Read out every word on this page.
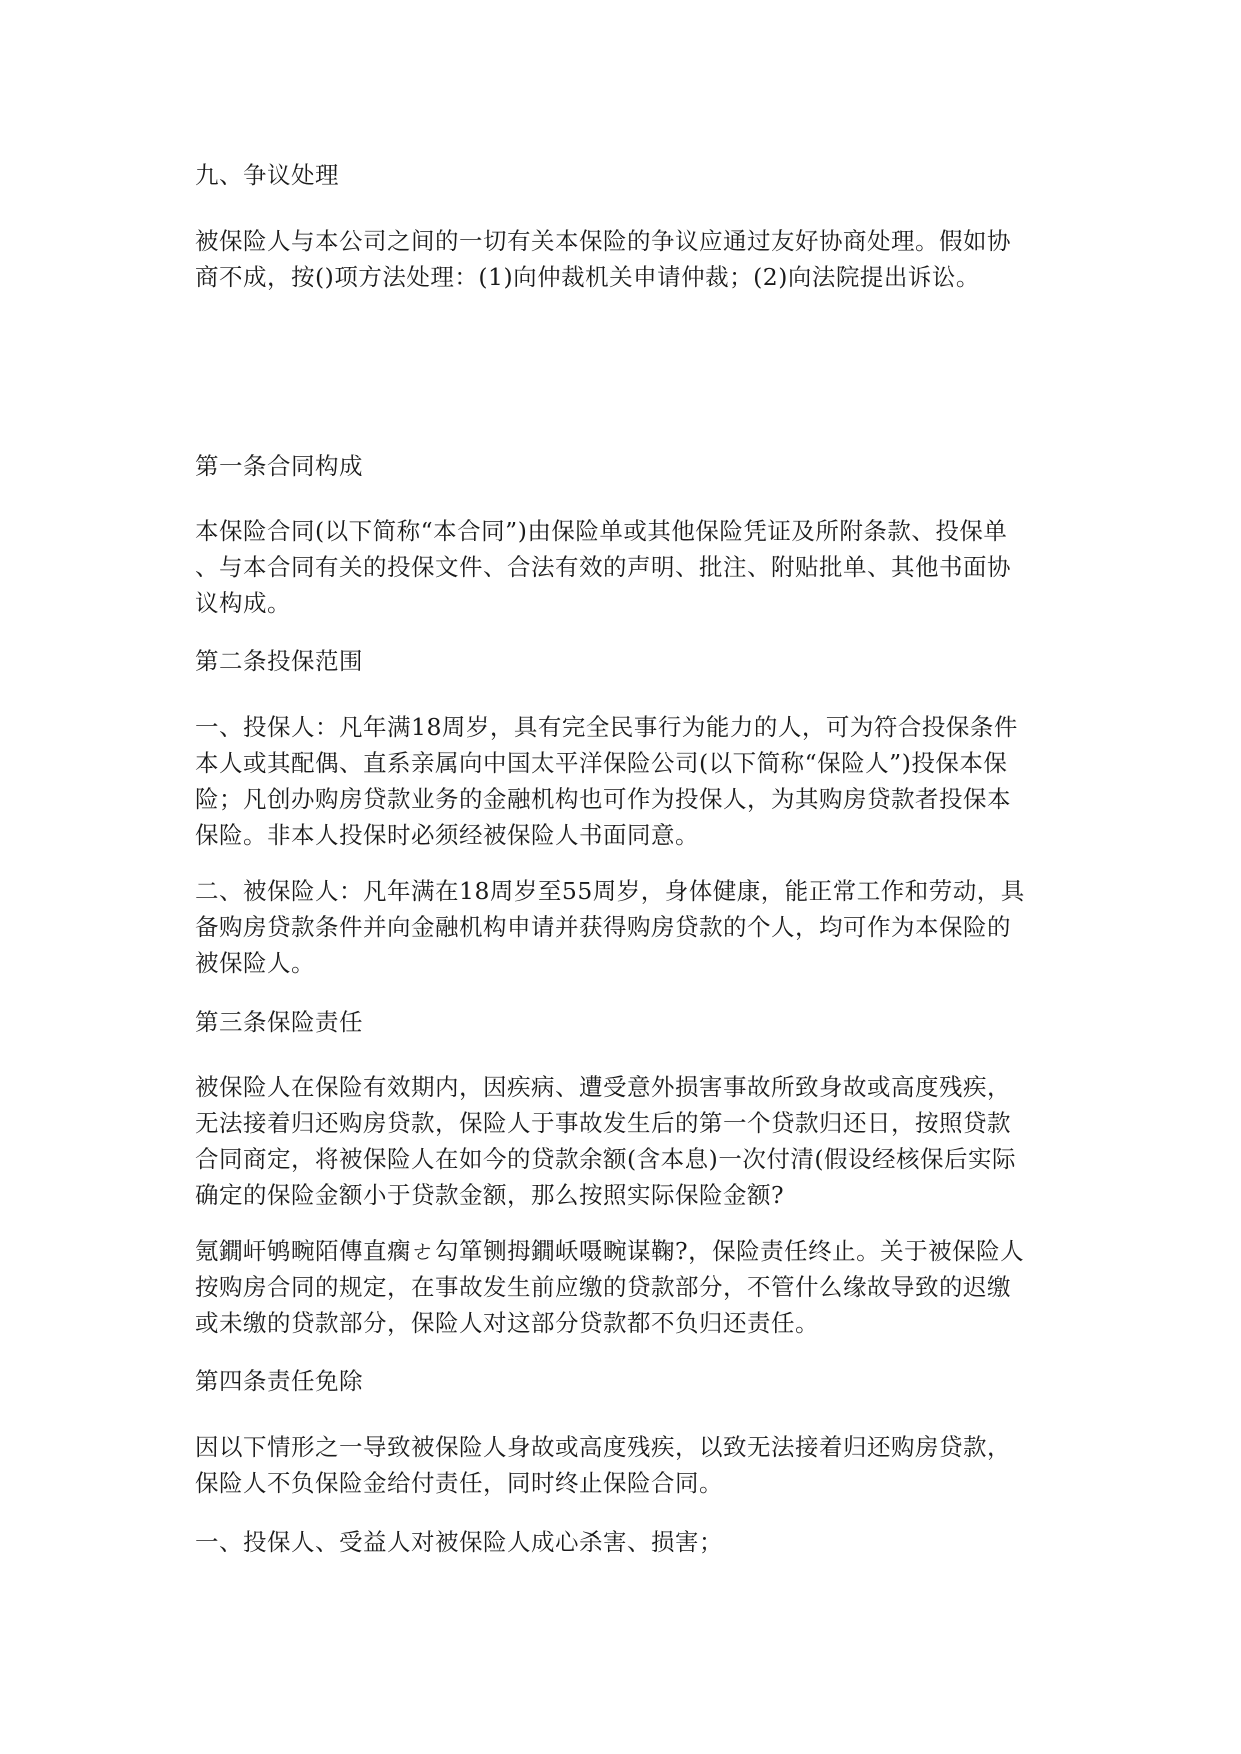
九、争议处理
被保险人与本公司之间的一切有关本保险的争议应通过友好协商处理。假如协
商不成，按()项方法处理：(1)向仲裁机关申请仲裁；(2)向法院提出诉讼。
第一条合同构成
本保险合同(以下简称“本合同”)由保险单或其他保险凭证及所附条款、投保单
、与本合同有关的投保文件、合法有效的声明、批注、附贴批单、其他书面协
议构成。
第二条投保范围
一、投保人：凡年满18周岁，具有完全民事行为能力的人，可为符合投保条件
本人或其配偶、直系亲属向中国太平洋保险公司(以下简称“保险人”)投保本保
险；凡创办购房贷款业务的金融机构也可作为投保人，为其购房贷款者投保本
保险。非本人投保时必须经被保险人书面同意。
二、被保险人：凡年满在18周岁至55周岁，身体健康，能正常工作和劳动，具
备购房贷款条件并向金融机构申请并获得购房贷款的个人，均可作为本保险的
被保险人。
第三条保险责任
被保险人在保险有效期内，因疾病、遭受意外损害事故所致身故或高度残疾，
无法接着归还购房贷款，保险人于事故发生后的第一个贷款归还日，按照贷款
合同商定，将被保险人在如今的贷款余额(含本息)一次付清(假设经核保后实际
确定的保险金额小于贷款金额，那么按照实际保险金额?
氪鐗屽鸲畹陌傳直瘸ㄜ勾箪铡拇鐗岆嗫畹谋鞠?，保险责任终止。关于被保险人
按购房合同的规定，在事故发生前应缴的贷款部分，不管什么缘故导致的迟缴
或未缴的贷款部分，保险人对这部分贷款都不负归还责任。
第四条责任免除
因以下情形之一导致被保险人身故或高度残疾，以致无法接着归还购房贷款，
保险人不负保险金给付责任，同时终止保险合同。
一、投保人、受益人对被保险人成心杀害、损害；
